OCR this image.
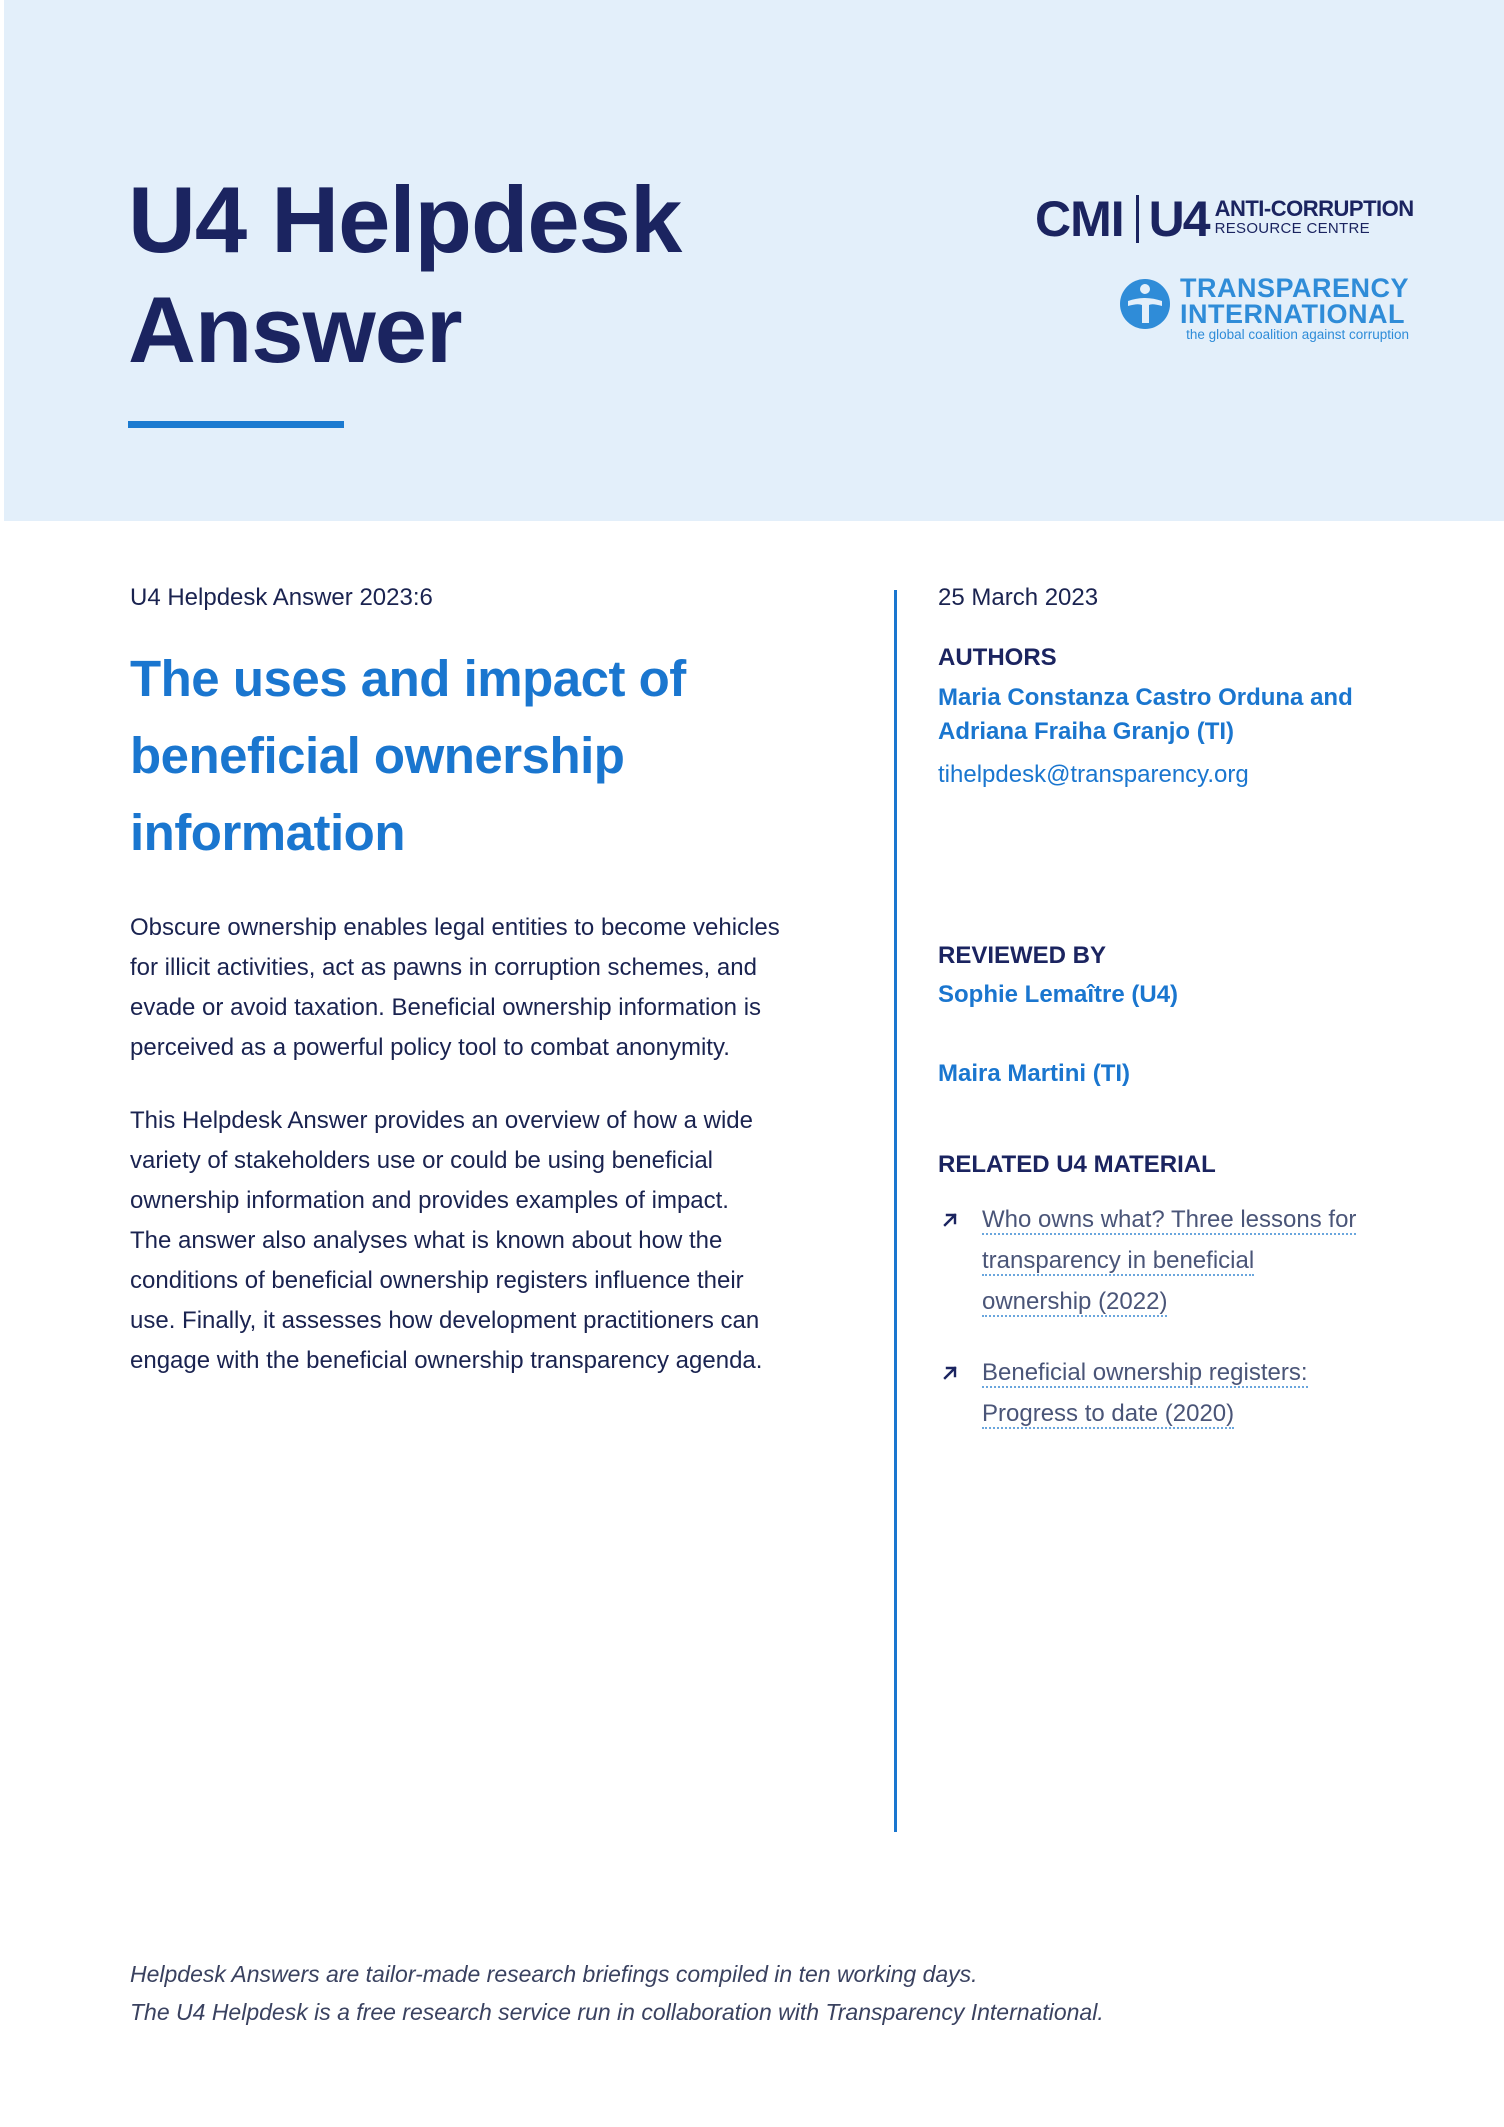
U4 Helpdesk
Answer
CMI U4 ANTI-CORRUPTION
RESOURCE CENTRE
TRANSPARENCY
INTERNATIONAL
the global coalition against corruption
U4 Helpdesk Answer 2023:6
The uses and impact of
beneficial ownership
information
Obscure ownership enables legal entities to become vehicles
for illicit activities, act as pawns in corruption schemes, and
evade or avoid taxation. Beneficial ownership information is
perceived as a powerful policy tool to combat anonymity.
This Helpdesk Answer provides an overview of how a wide
variety of stakeholders use or could be using beneficial
ownership information and provides examples of impact.
The answer also analyses what is known about how the
conditions of beneficial ownership registers influence their
use. Finally, it assesses how development practitioners can
engage with the beneficial ownership transparency agenda.
25 March 2023
AUTHORS
Maria Constanza Castro Orduna and
Adriana Fraiha Granjo (TI)
tihelpdesk@transparency.org
REVIEWED BY
Sophie Lemaître (U4)
Maira Martini (TI)
RELATED U4 MATERIAL
Who owns what? Three lessons for
transparency in beneficial
ownership (2022)
Beneficial ownership registers:
Progress to date (2020)
Helpdesk Answers are tailor-made research briefings compiled in ten working days.
The U4 Helpdesk is a free research service run in collaboration with Transparency International.
